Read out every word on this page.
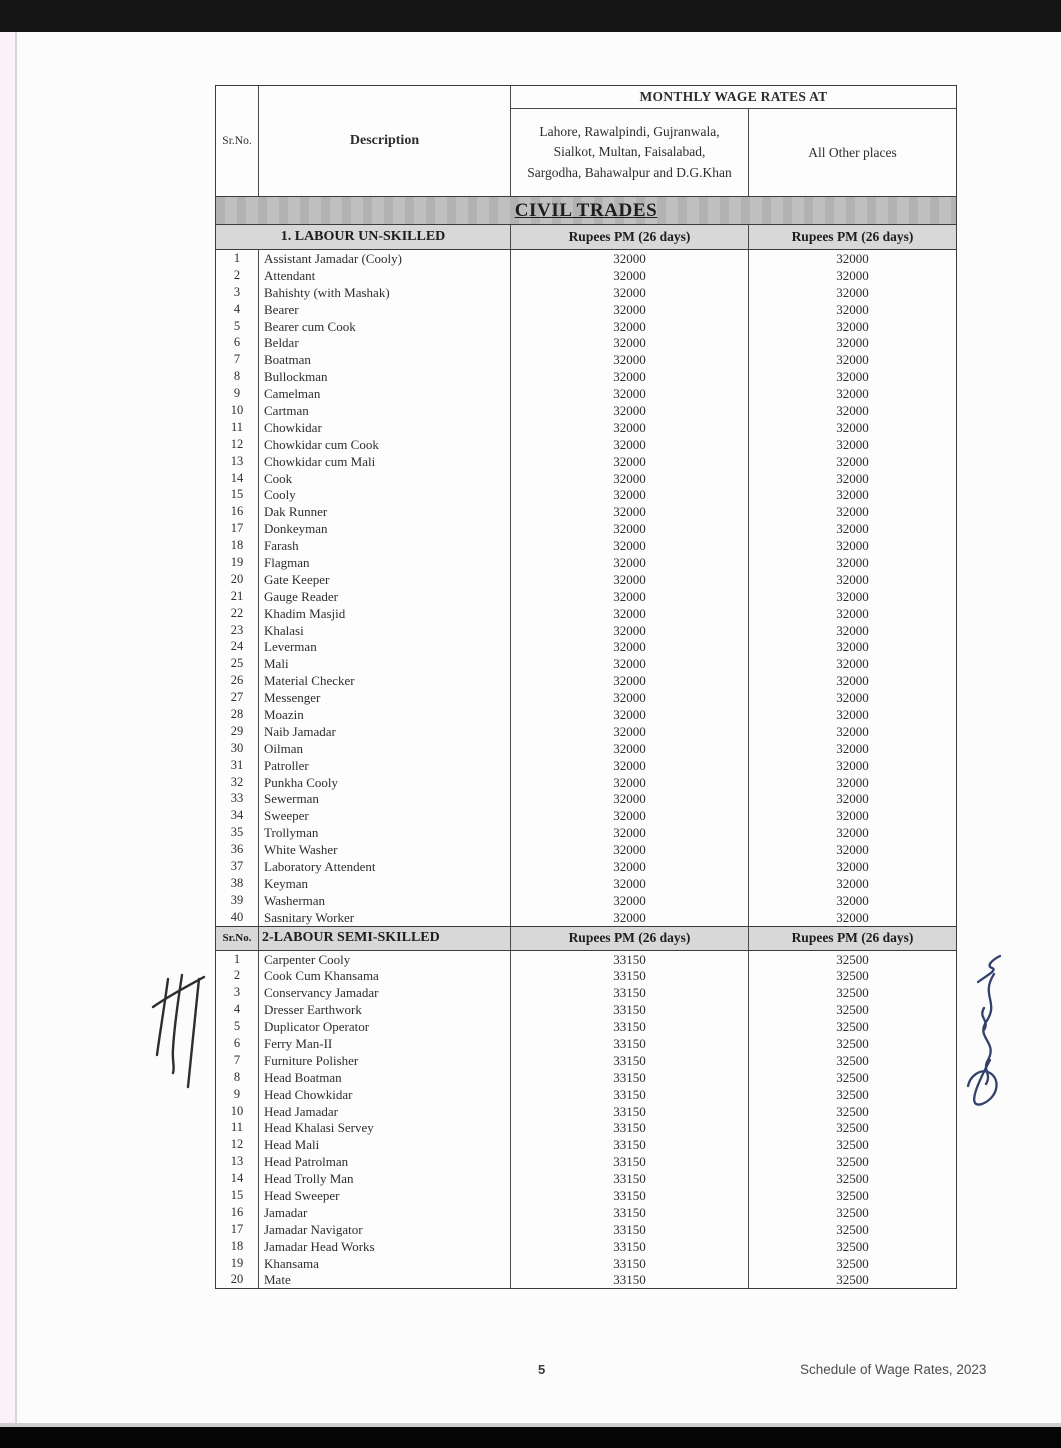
Sr.No.	Description
MONTHLY WAGE RATES AT
Lahore, Rawalpindi, Gujranwala, Sialkot, Multan, Faisalabad, Sargodha, Bahawalpur and D.G.Khan
All Other places
CIVIL TRADES
1. LABOUR UN-SKILLED	Rupees PM (26 days)	Rupees PM (26 days)
1	Assistant Jamadar (Cooly)	32000	32000
2	Attendant	32000	32000
3	Bahishty (with Mashak)	32000	32000
4	Bearer	32000	32000
5	Bearer cum Cook	32000	32000
6	Beldar	32000	32000
7	Boatman	32000	32000
8	Bullockman	32000	32000
9	Camelman	32000	32000
10	Cartman	32000	32000
11	Chowkidar	32000	32000
12	Chowkidar cum Cook	32000	32000
13	Chowkidar cum Mali	32000	32000
14	Cook	32000	32000
15	Cooly	32000	32000
16	Dak Runner	32000	32000
17	Donkeyman	32000	32000
18	Farash	32000	32000
19	Flagman	32000	32000
20	Gate Keeper	32000	32000
21	Gauge Reader	32000	32000
22	Khadim Masjid	32000	32000
23	Khalasi	32000	32000
24	Leverman	32000	32000
25	Mali	32000	32000
26	Material Checker	32000	32000
27	Messenger	32000	32000
28	Moazin	32000	32000
29	Naib Jamadar	32000	32000
30	Oilman	32000	32000
31	Patroller	32000	32000
32	Punkha Cooly	32000	32000
33	Sewerman	32000	32000
34	Sweeper	32000	32000
35	Trollyman	32000	32000
36	White Washer	32000	32000
37	Laboratory Attendent	32000	32000
38	Keyman	32000	32000
39	Washerman	32000	32000
40	Sasnitary Worker	32000	32000
Sr.No. 2-LABOUR SEMI-SKILLED	Rupees PM (26 days)	Rupees PM (26 days)
1	Carpenter Cooly	33150	32500
2	Cook Cum Khansama	33150	32500
3	Conservancy Jamadar	33150	32500
4	Dresser Earthwork	33150	32500
5	Duplicator Operator	33150	32500
6	Ferry Man-II	33150	32500
7	Furniture Polisher	33150	32500
8	Head Boatman	33150	32500
9	Head Chowkidar	33150	32500
10	Head Jamadar	33150	32500
11	Head Khalasi Servey	33150	32500
12	Head Mali	33150	32500
13	Head Patrolman	33150	32500
14	Head Trolly Man	33150	32500
15	Head Sweeper	33150	32500
16	Jamadar	33150	32500
17	Jamadar Navigator	33150	32500
18	Jamadar Head Works	33150	32500
19	Khansama	33150	32500
20	Mate	33150	32500
5	Schedule of Wage Rates, 2023
